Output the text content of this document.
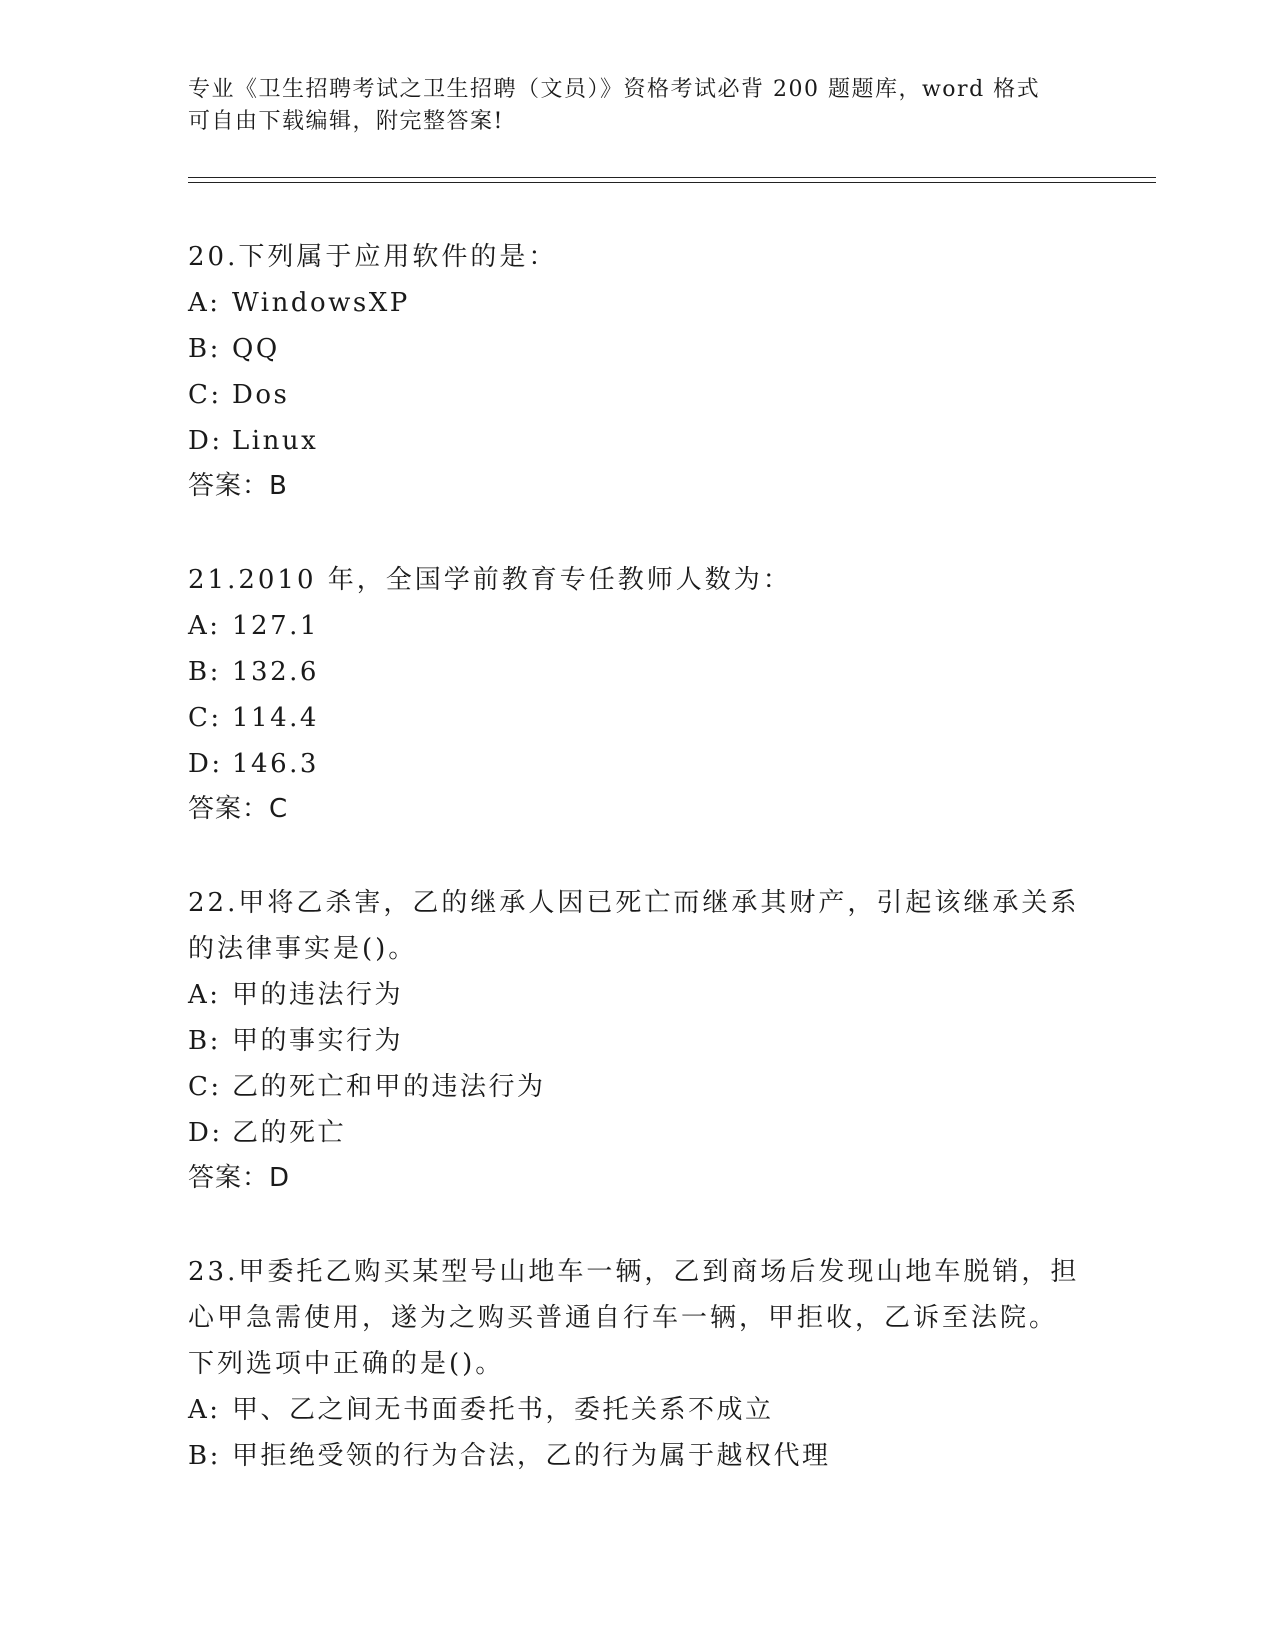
专业《卫生招聘考试之卫生招聘（文员）》资格考试必背 200 题题库，word 格式
可自由下载编辑，附完整答案!
20.下列属于应用软件的是：
A: WindowsXP
B: QQ
C: Dos
D: Linux
答案：B
21.2010 年，全国学前教育专任教师人数为：
A: 127.1
B: 132.6
C: 114.4
D: 146.3
答案：C
22.甲将乙杀害，乙的继承人因已死亡而继承其财产，引起该继承关系
的法律事实是()。
A: 甲的违法行为
B: 甲的事实行为
C: 乙的死亡和甲的违法行为
D: 乙的死亡
答案：D
23.甲委托乙购买某型号山地车一辆，乙到商场后发现山地车脱销，担
心甲急需使用，遂为之购买普通自行车一辆，甲拒收，乙诉至法院。
下列选项中正确的是()。
A: 甲、乙之间无书面委托书，委托关系不成立
B: 甲拒绝受领的行为合法，乙的行为属于越权代理
